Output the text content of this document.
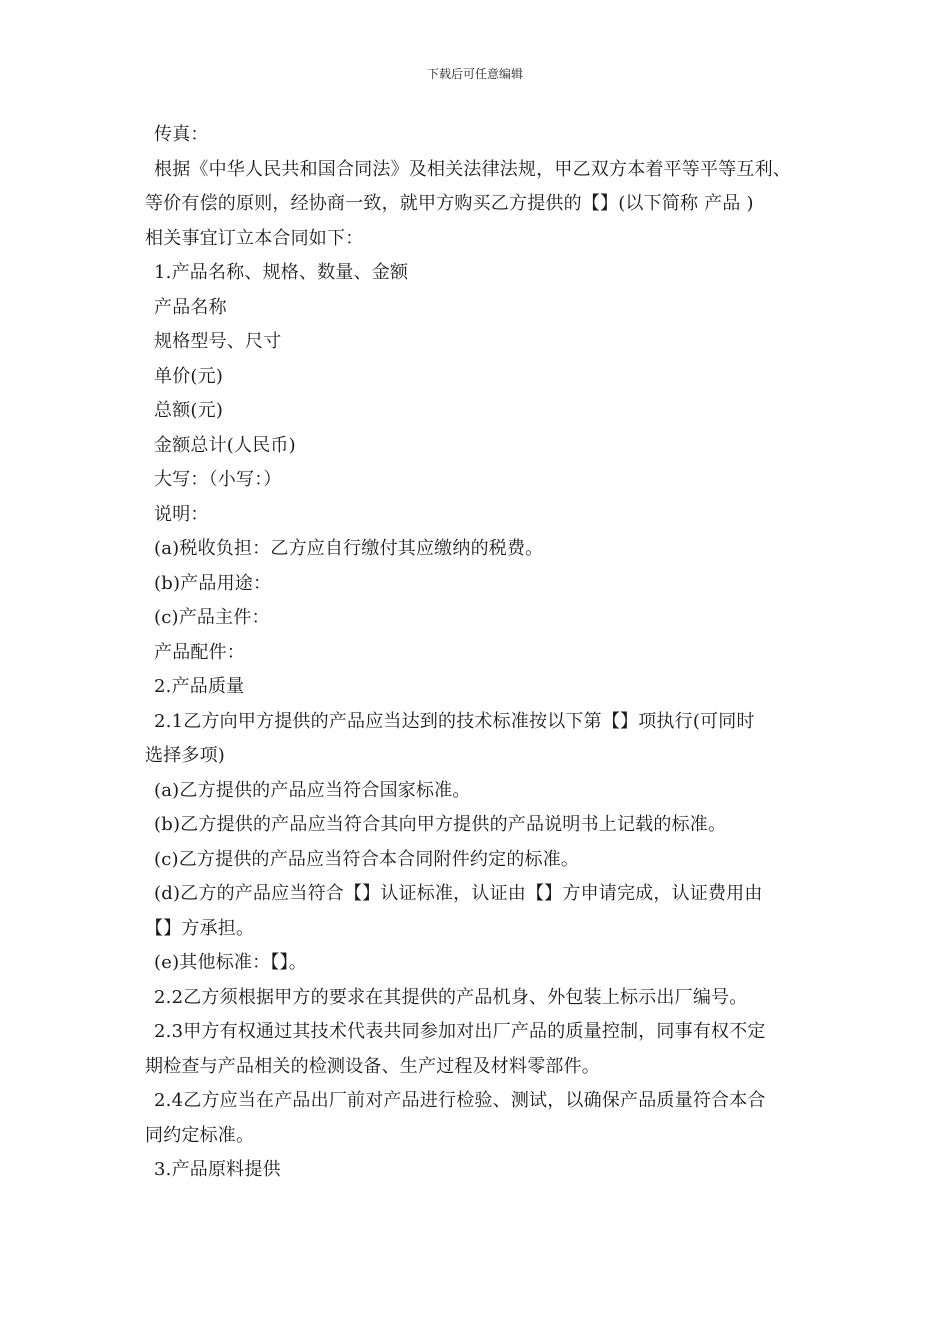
下载后可任意编辑
传真：
根据《中华人民共和国合同法》及相关法律法规，甲乙双方本着平等平等互利、
等价有偿的原则，经协商一致，就甲方购买乙方提供的【】(以下简称 产品 )
相关事宜订立本合同如下：
1.产品名称、规格、数量、金额
产品名称
规格型号、尺寸
单价(元)
总额(元)
金额总计(人民币)
大写：（小写：）
说明：
(a)税收负担：乙方应自行缴付其应缴纳的税费。
(b)产品用途：
(c)产品主件：
产品配件：
2.产品质量
2.1乙方向甲方提供的产品应当达到的技术标准按以下第【】项执行(可同时
选择多项)
(a)乙方提供的产品应当符合国家标准。
(b)乙方提供的产品应当符合其向甲方提供的产品说明书上记载的标准。
(c)乙方提供的产品应当符合本合同附件约定的标准。
(d)乙方的产品应当符合【】认证标准，认证由【】方申请完成，认证费用由
【】方承担。
(e)其他标准：【】。
2.2乙方须根据甲方的要求在其提供的产品机身、外包装上标示出厂编号。
2.3甲方有权通过其技术代表共同参加对出厂产品的质量控制，同事有权不定
期检查与产品相关的检测设备、生产过程及材料零部件。
2.4乙方应当在产品出厂前对产品进行检验、测试，以确保产品质量符合本合
同约定标准。
3.产品原料提供
